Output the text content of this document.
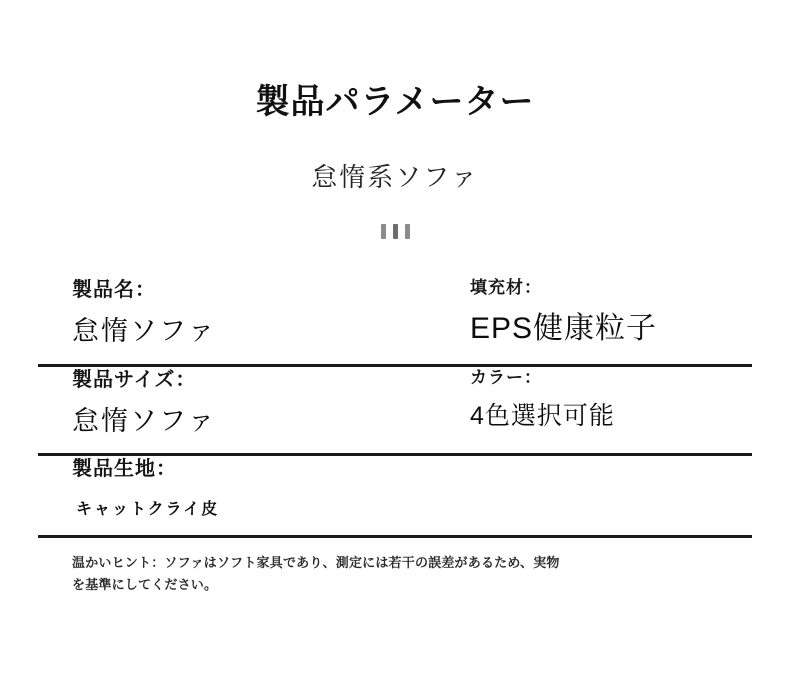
製品パラメーター
怠惰系ソファ
製品名：
怠惰ソファ
填充材：
EPS健康粒子
製品サイズ：
怠惰ソファ
カラー：
4色選択可能
製品生地：
キャットクライ皮
温かいヒント：ソファはソフト家具であり、測定には若干の誤差があるため、実物を基準にしてください。
